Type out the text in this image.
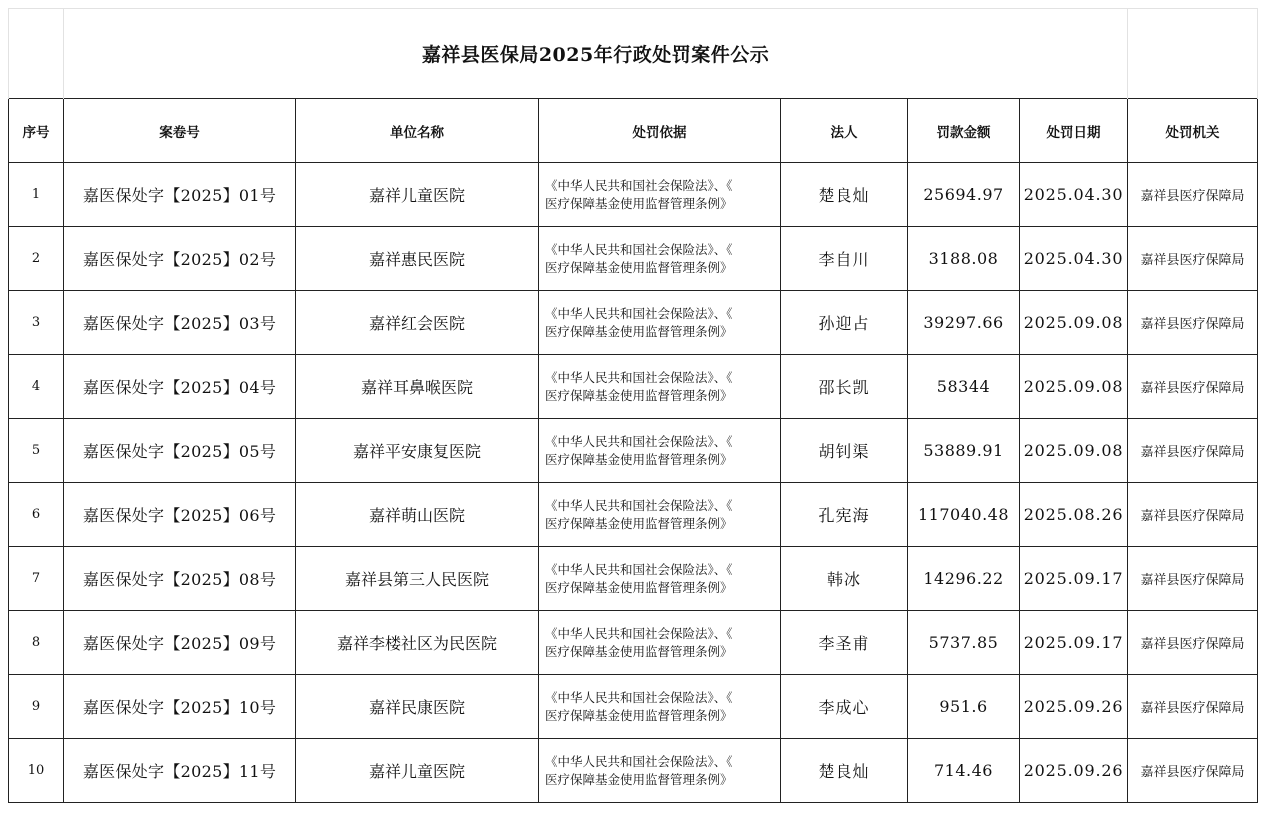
	嘉祥县医保局2025年行政处罚案件公示						
序号	案卷号	单位名称	处罚依据	法人	罚款金额	处罚日期	处罚机关
1	嘉医保处字【2025】01号	嘉祥儿童医院	《中华人民共和国社会保险法》、《
医疗保障基金使用监督管理条例》	楚良灿	25694.97	2025.04.30	嘉祥县医疗保障局
2	嘉医保处字【2025】02号	嘉祥惠民医院	《中华人民共和国社会保险法》、《
医疗保障基金使用监督管理条例》	李自川	3188.08	2025.04.30	嘉祥县医疗保障局
3	嘉医保处字【2025】03号	嘉祥红会医院	《中华人民共和国社会保险法》、《
医疗保障基金使用监督管理条例》	孙迎占	39297.66	2025.09.08	嘉祥县医疗保障局
4	嘉医保处字【2025】04号	嘉祥耳鼻喉医院	《中华人民共和国社会保险法》、《
医疗保障基金使用监督管理条例》	邵长凯	58344	2025.09.08	嘉祥县医疗保障局
5	嘉医保处字【2025】05号	嘉祥平安康复医院	《中华人民共和国社会保险法》、《
医疗保障基金使用监督管理条例》	胡钊渠	53889.91	2025.09.08	嘉祥县医疗保障局
6	嘉医保处字【2025】06号	嘉祥萌山医院	《中华人民共和国社会保险法》、《
医疗保障基金使用监督管理条例》	孔宪海	117040.48	2025.08.26	嘉祥县医疗保障局
7	嘉医保处字【2025】08号	嘉祥县第三人民医院	《中华人民共和国社会保险法》、《
医疗保障基金使用监督管理条例》	韩冰	14296.22	2025.09.17	嘉祥县医疗保障局
8	嘉医保处字【2025】09号	嘉祥李楼社区为民医院	《中华人民共和国社会保险法》、《
医疗保障基金使用监督管理条例》	李圣甫	5737.85	2025.09.17	嘉祥县医疗保障局
9	嘉医保处字【2025】10号	嘉祥民康医院	《中华人民共和国社会保险法》、《
医疗保障基金使用监督管理条例》	李成心	951.6	2025.09.26	嘉祥县医疗保障局
10	嘉医保处字【2025】11号	嘉祥儿童医院	《中华人民共和国社会保险法》、《
医疗保障基金使用监督管理条例》	楚良灿	714.46	2025.09.26	嘉祥县医疗保障局
